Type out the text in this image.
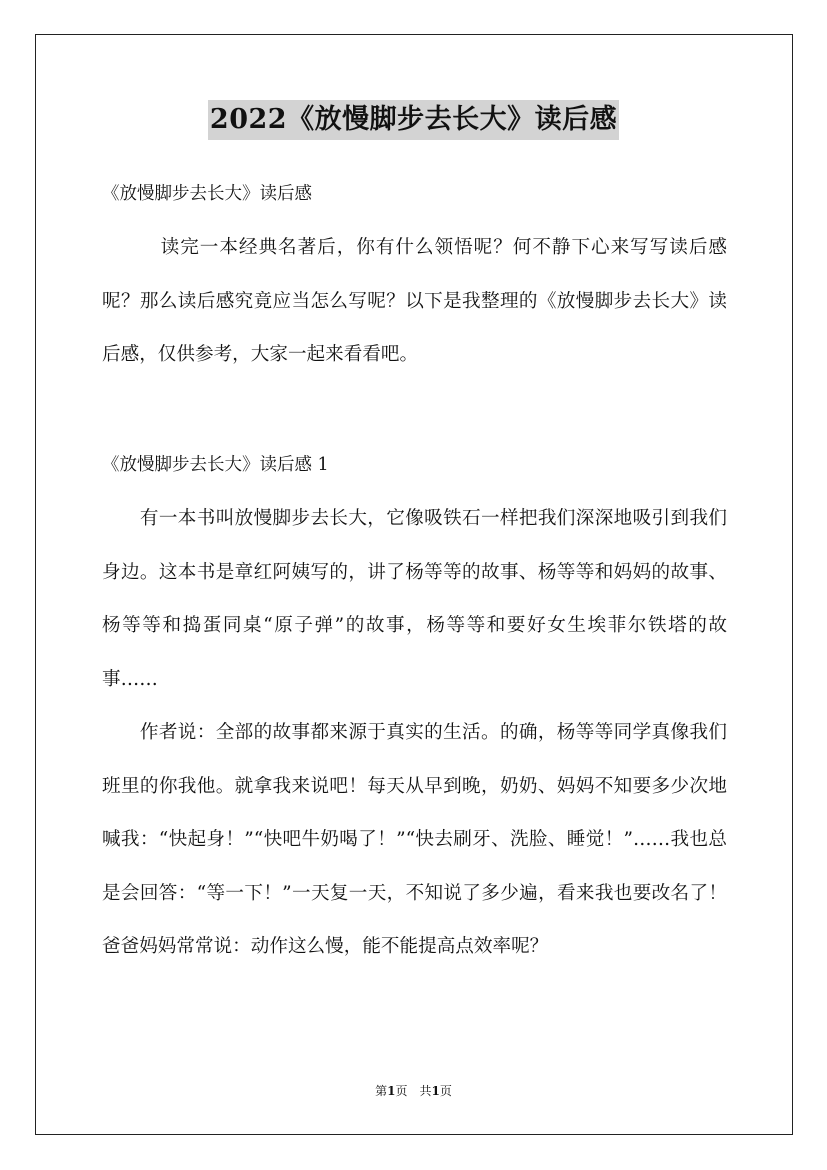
2022《放慢脚步去长大》读后感

《放慢脚步去长大》读后感

　　　读完一本经典名著后，你有什么领悟呢？何不静下心来写写读后感呢？那么读后感究竟应当怎么写呢？以下是我整理的《放慢脚步去长大》读后感，仅供参考，大家一起来看看吧。

《放慢脚步去长大》读后感 1

　　有一本书叫放慢脚步去长大，它像吸铁石一样把我们深深地吸引到我们身边。这本书是章红阿姨写的，讲了杨等等的故事、杨等等和妈妈的故事、杨等等和捣蛋同桌“原子弹”的故事，杨等等和要好女生埃菲尔铁塔的故事……

　　作者说：全部的故事都来源于真实的生活。的确，杨等等同学真像我们班里的你我他。就拿我来说吧！每天从早到晚，奶奶、妈妈不知要多少次地喊我：“快起身！”“快吧牛奶喝了！”“快去刷牙、洗脸、睡觉！”……我也总是会回答：“等一下！”一天复一天，不知说了多少遍，看来我也要改名了！爸爸妈妈常常说：动作这么慢，能不能提高点效率呢？

第1页　共1页
